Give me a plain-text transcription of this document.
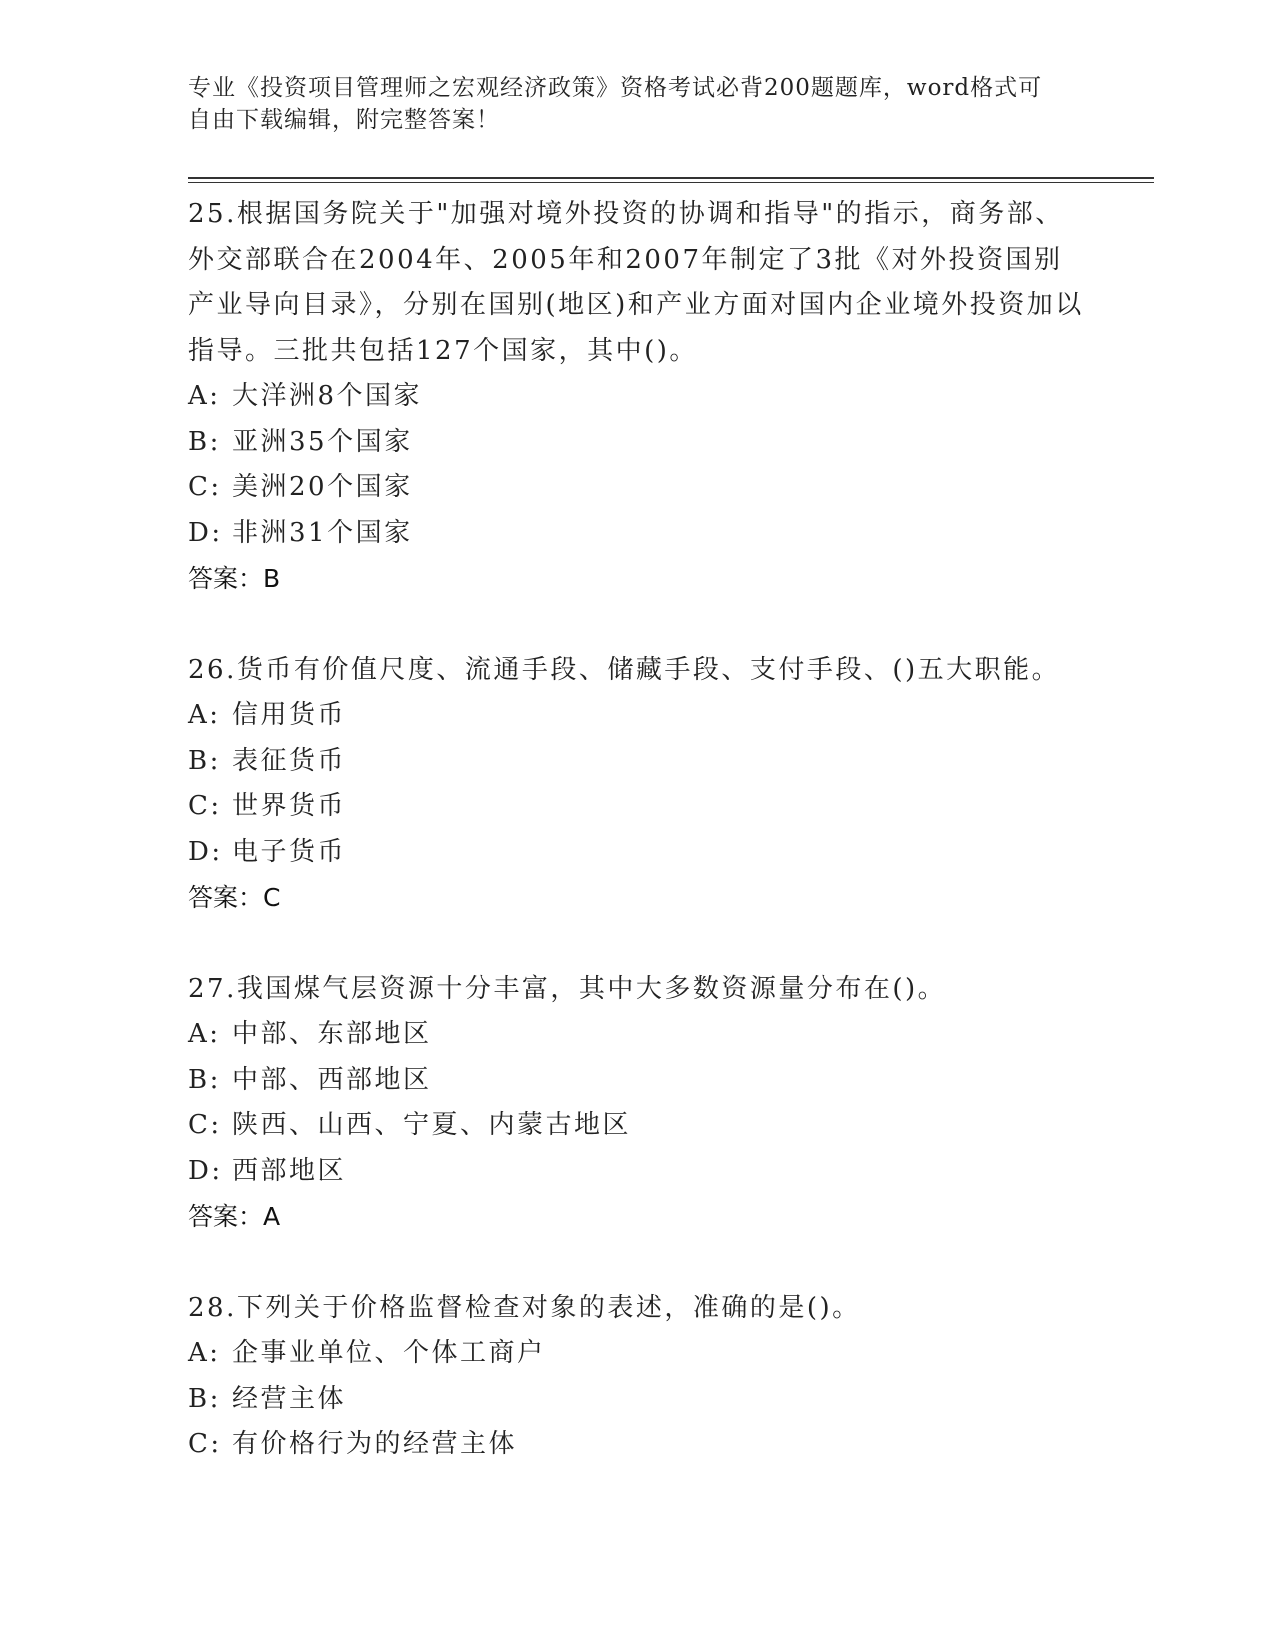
专业《投资项目管理师之宏观经济政策》资格考试必背200题题库，word格式可
自由下载编辑，附完整答案！
25.根据国务院关于"加强对境外投资的协调和指导"的指示，商务部、外交部联合在2004年、2005年和2007年制定了3批《对外投资国别产业导向目录》，分别在国别(地区)和产业方面对国内企业境外投资加以指导。三批共包括127个国家，其中()。
A: 大洋洲8个国家
B: 亚洲35个国家
C: 美洲20个国家
D: 非洲31个国家
答案：B
26.货币有价值尺度、流通手段、储藏手段、支付手段、()五大职能。
A: 信用货币
B: 表征货币
C: 世界货币
D: 电子货币
答案：C
27.我国煤气层资源十分丰富，其中大多数资源量分布在()。
A: 中部、东部地区
B: 中部、西部地区
C: 陕西、山西、宁夏、内蒙古地区
D: 西部地区
答案：A
28.下列关于价格监督检查对象的表述，准确的是()。
A: 企事业单位、个体工商户
B: 经营主体
C: 有价格行为的经营主体
